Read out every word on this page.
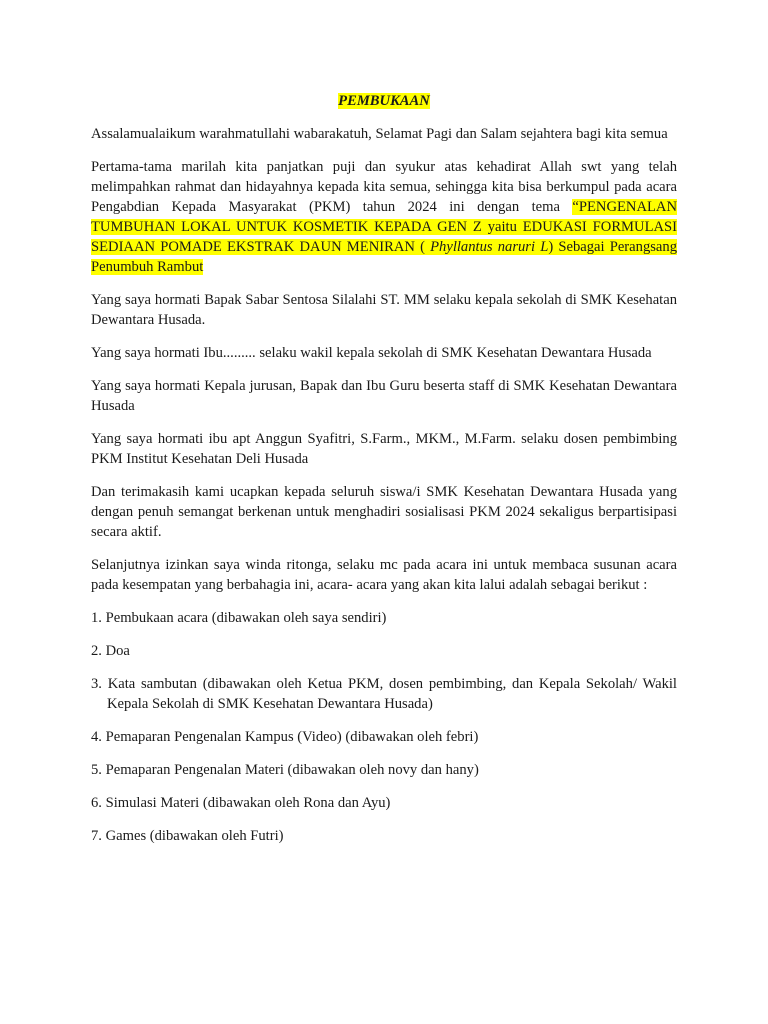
PEMBUKAAN

Assalamualaikum warahmatullahi wabarakatuh, Selamat Pagi dan Salam sejahtera bagi kita semua

Pertama-tama marilah kita panjatkan puji dan syukur atas kehadirat Allah swt yang telah melimpahkan rahmat dan hidayahnya kepada kita semua, sehingga kita bisa berkumpul pada acara Pengabdian Kepada Masyarakat (PKM) tahun 2024 ini dengan tema “PENGENALAN TUMBUHAN LOKAL UNTUK KOSMETIK KEPADA GEN Z yaitu EDUKASI FORMULASI SEDIAAN POMADE EKSTRAK DAUN MENIRAN ( Phyllantus naruri L) Sebagai Perangsang Penumbuh Rambut

Yang saya hormati Bapak Sabar Sentosa Silalahi ST. MM selaku kepala sekolah di SMK Kesehatan Dewantara Husada.

Yang saya hormati Ibu......... selaku wakil kepala sekolah di SMK Kesehatan Dewantara Husada

Yang saya hormati Kepala jurusan, Bapak dan Ibu Guru beserta staff di SMK Kesehatan Dewantara Husada

Yang saya hormati ibu apt Anggun Syafitri, S.Farm., MKM., M.Farm. selaku dosen pembimbing PKM Institut Kesehatan Deli Husada

Dan terimakasih kami ucapkan kepada seluruh siswa/i SMK Kesehatan Dewantara Husada yang dengan penuh semangat berkenan untuk menghadiri sosialisasi PKM 2024 sekaligus berpartisipasi secara aktif.

Selanjutnya izinkan saya winda ritonga, selaku mc pada acara ini untuk membaca susunan acara pada kesempatan yang berbahagia ini, acara- acara yang akan kita lalui adalah sebagai berikut :

1. Pembukaan acara (dibawakan oleh saya sendiri)
2. Doa
3. Kata sambutan (dibawakan oleh Ketua PKM, dosen pembimbing, dan Kepala Sekolah/ Wakil Kepala Sekolah di SMK Kesehatan Dewantara Husada)
4. Pemaparan Pengenalan Kampus (Video) (dibawakan oleh febri)
5. Pemaparan Pengenalan Materi (dibawakan oleh novy dan hany)
6. Simulasi Materi (dibawakan oleh Rona dan Ayu)
7. Games (dibawakan oleh Futri)
